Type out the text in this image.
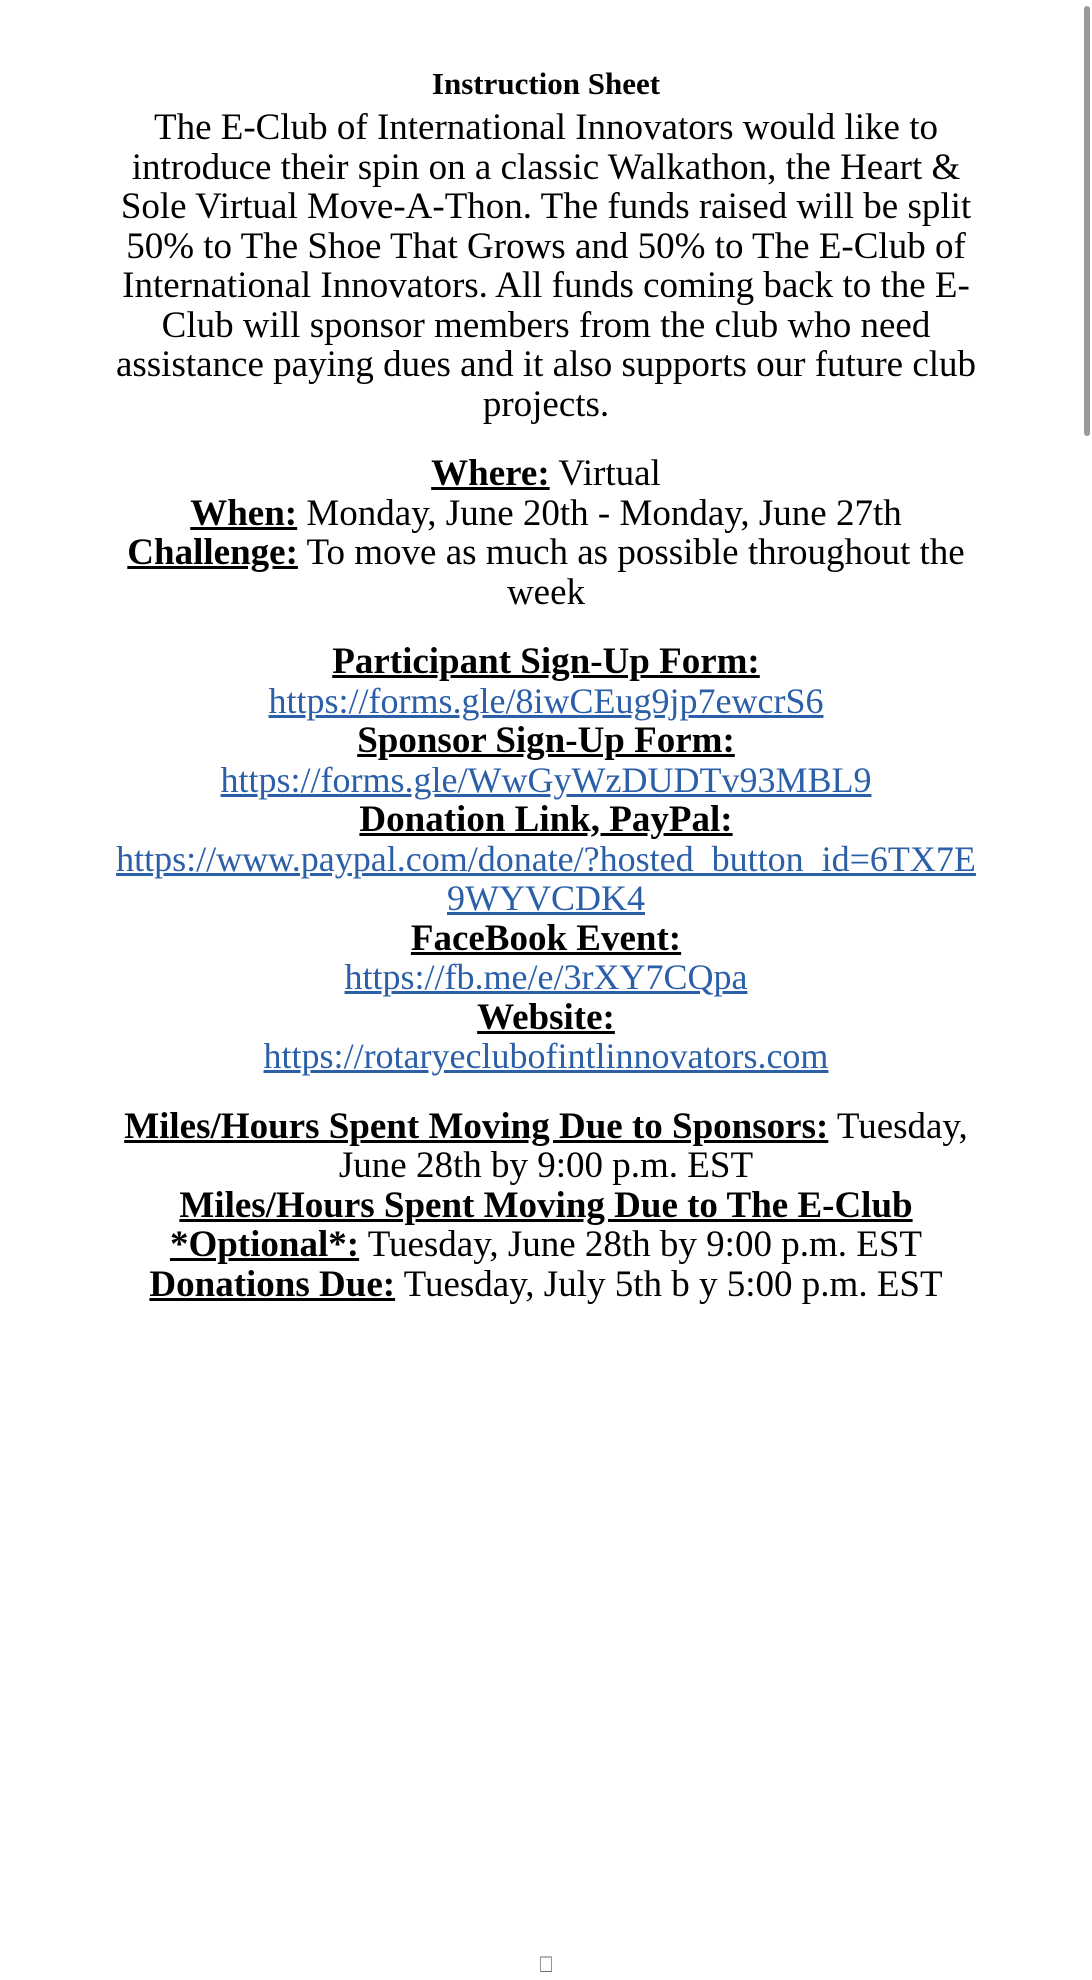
Instruction Sheet

The E-Club of International Innovators would like to introduce their spin on a classic Walkathon, the Heart & Sole Virtual Move-A-Thon. The funds raised will be split 50% to The Shoe That Grows and 50% to The E-Club of International Innovators. All funds coming back to the E-Club will sponsor members from the club who need assistance paying dues and it also supports our future club projects.

Where: Virtual
When: Monday, June 20th - Monday, June 27th
Challenge: To move as much as possible throughout the week
Participant Sign-Up Form:
https://forms.gle/8iwCEug9jp7ewcrS6
Sponsor Sign-Up Form:
https://forms.gle/WwGyWzDUDTv93MBL9
Donation Link, PayPal:
https://www.paypal.com/donate/?hosted_button_id=6TX7E9WYVCDK4
FaceBook Event:
https://fb.me/e/3rXY7CQpa
Website:
https://rotaryeclubofintlinnovators.com
Miles/Hours Spent Moving Due to Sponsors: Tuesday, June 28th by 9:00 p.m. EST
Miles/Hours Spent Moving Due to The E-Club *Optional*: Tuesday, June 28th by 9:00 p.m. EST
Donations Due: Tuesday, July 5th b y 5:00 p.m. EST
⎕
